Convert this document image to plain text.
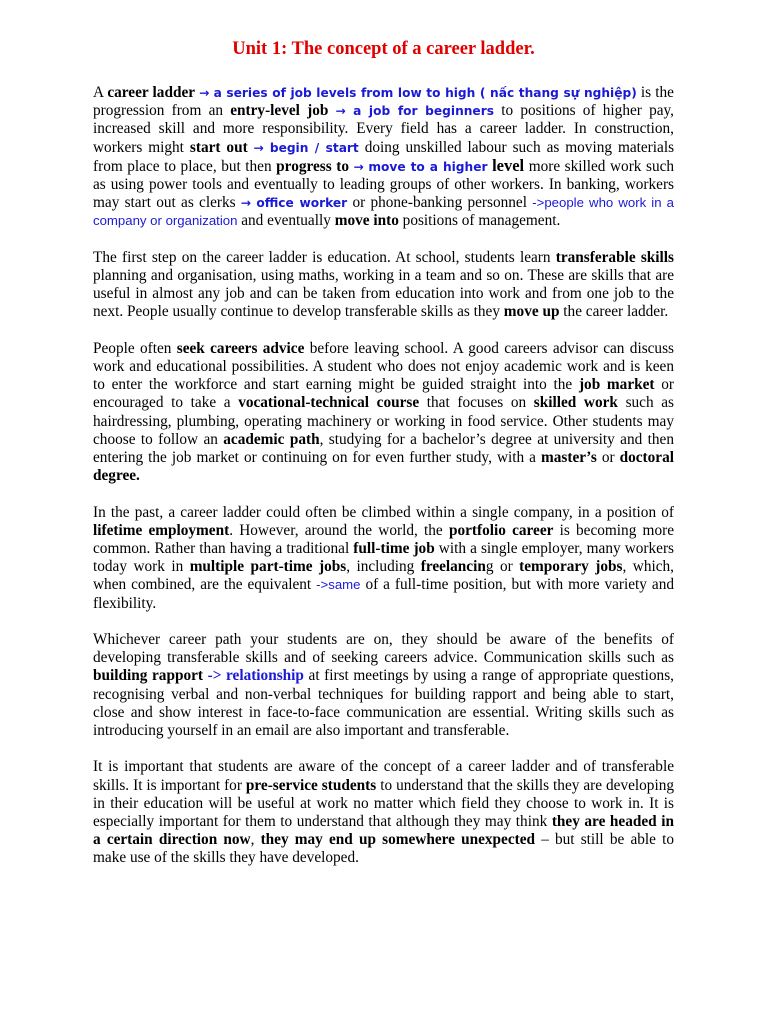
Unit 1: The concept of a career ladder.

A career ladder → a series of job levels from low to high ( nấc thang sự nghiệp) is the progression from an entry-level job → a job for beginners to positions of higher pay, increased skill and more responsibility. Every field has a career ladder. In construction, workers might start out → begin / start doing unskilled labour such as moving materials from place to place, but then progress to → move to a higher level more skilled work such as using power tools and eventually to leading groups of other workers. In banking, workers may start out as clerks → office worker or phone-banking personnel ->people who work in a company or organization and eventually move into positions of management.

The first step on the career ladder is education. At school, students learn transferable skills planning and organisation, using maths, working in a team and so on. These are skills that are useful in almost any job and can be taken from education into work and from one job to the next. People usually continue to develop transferable skills as they move up the career ladder.

People often seek careers advice before leaving school. A good careers advisor can discuss work and educational possibilities. A student who does not enjoy academic work and is keen to enter the workforce and start earning might be guided straight into the job market or encouraged to take a vocational-technical course that focuses on skilled work such as hairdressing, plumbing, operating machinery or working in food service. Other students may choose to follow an academic path, studying for a bachelor’s degree at university and then entering the job market or continuing on for even further study, with a master’s or doctoral degree.

In the past, a career ladder could often be climbed within a single company, in a position of lifetime employment. However, around the world, the portfolio career is becoming more common. Rather than having a traditional full-time job with a single employer, many workers today work in multiple part-time jobs, including freelancing or temporary jobs, which, when combined, are the equivalent ->same of a full-time position, but with more variety and flexibility.

Whichever career path your students are on, they should be aware of the benefits of developing transferable skills and of seeking careers advice. Communication skills such as building rapport -> relationship at first meetings by using a range of appropriate questions, recognising verbal and non-verbal techniques for building rapport and being able to start, close and show interest in face-to-face communication are essential. Writing skills such as introducing yourself in an email are also important and transferable.

It is important that students are aware of the concept of a career ladder and of transferable skills. It is important for pre-service students to understand that the skills they are developing in their education will be useful at work no matter which field they choose to work in. It is especially important for them to understand that although they may think they are headed in a certain direction now, they may end up somewhere unexpected – but still be able to make use of the skills they have developed.
